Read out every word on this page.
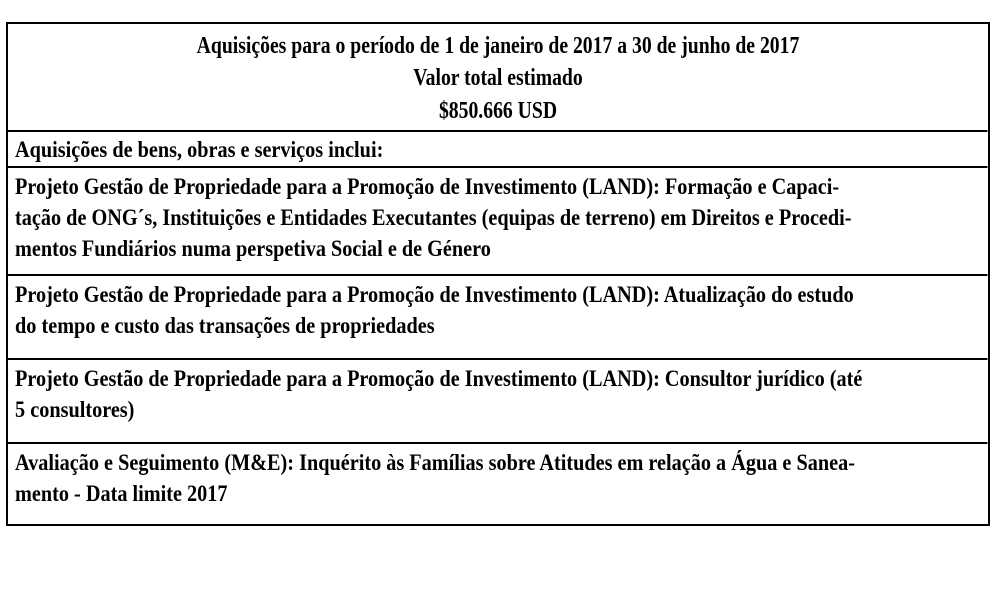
Aquisições para o período de 1 de janeiro de 2017 a 30 de junho de 2017
Valor total estimado
$850.666 USD
Aquisições de bens, obras e serviços inclui:
Projeto Gestão de Propriedade para a Promoção de Investimento (LAND): Formação e Capaci-
tação de ONG´s, Instituições e Entidades Executantes (equipas de terreno) em Direitos e Procedi-
mentos Fundiários numa perspetiva Social e de Género
Projeto Gestão de Propriedade para a Promoção de Investimento (LAND): Atualização do estudo
do tempo e custo das transações de propriedades
Projeto Gestão de Propriedade para a Promoção de Investimento (LAND): Consultor jurídico (até
5 consultores)
Avaliação e Seguimento (M&E): Inquérito às Famílias sobre Atitudes em relação a Água e Sanea-
mento - Data limite 2017
